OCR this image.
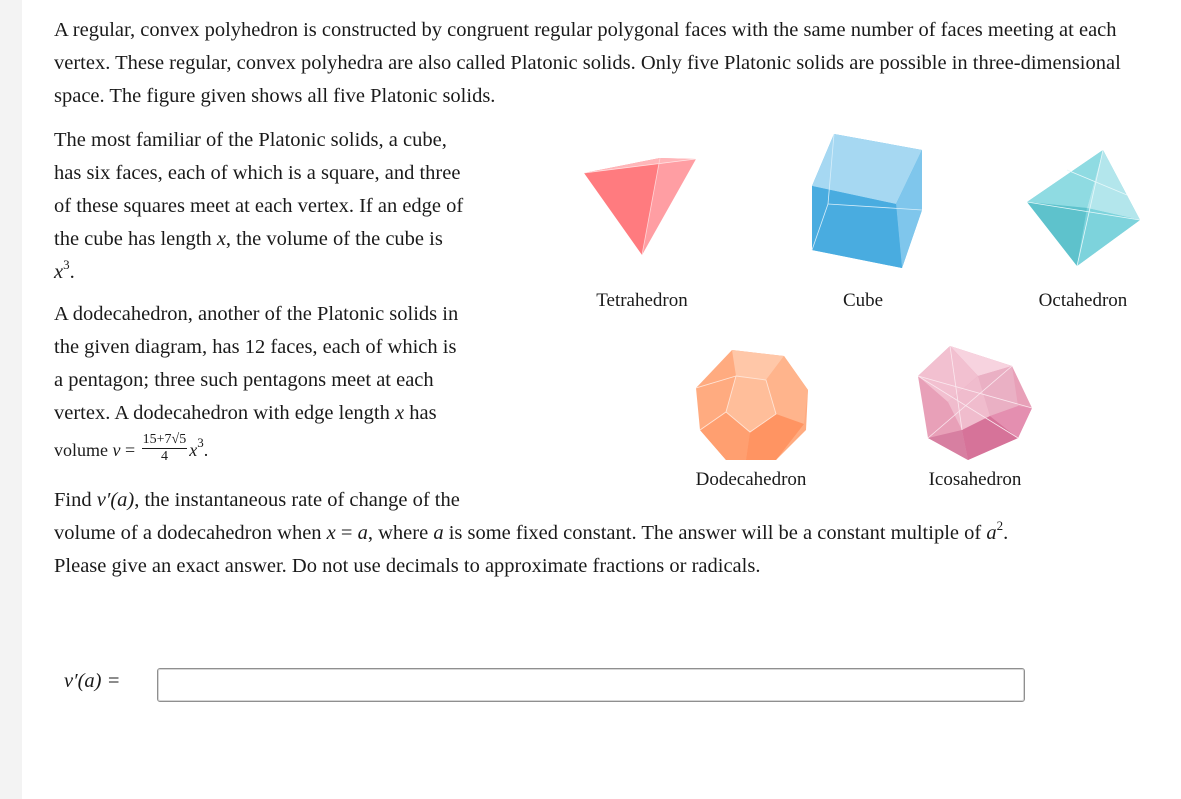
A regular, convex polyhedron is constructed by congruent regular polygonal faces with the same number of faces meeting at each vertex. These regular, convex polyhedra are also called Platonic solids. Only five Platonic solids are possible in three-dimensional space. The figure given shows all five Platonic solids.
The most familiar of the Platonic solids, a cube,
has six faces, each of which is a square, and three
of these squares meet at each vertex. If an edge of
the cube has length x, the volume of the cube is
$x^3$.
A dodecahedron, another of the Platonic solids in
the given diagram, has 12 faces, each of which is
a pentagon; three such pentagons meet at each
vertex. A dodecahedron with edge length x has
volume $v = \frac{15+7√5}{4} x^3$.
Find v′(a), the instantaneous rate of change of the
volume of a dodecahedron when x = a, where a is some fixed constant. The answer will be a constant multiple of $a^2$.
Please give an exact answer. Do not use decimals to approximate fractions or radicals.
Tetrahedron	Cube	Octahedron
Dodecahedron	Icosahedron
v′(a) =
